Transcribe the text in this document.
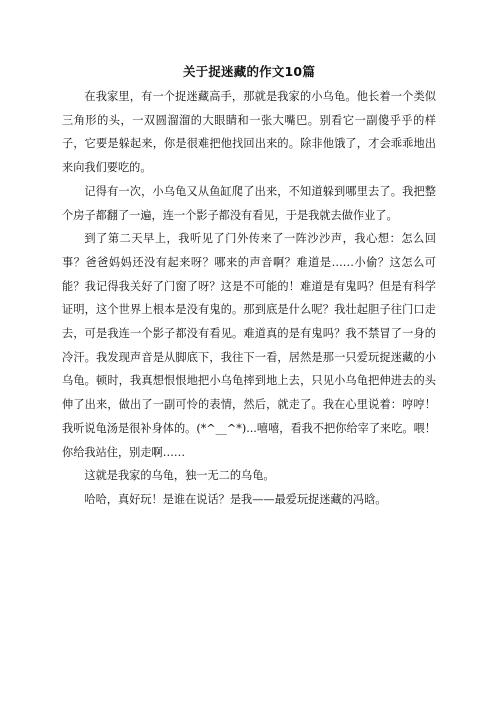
关于捉迷藏的作文10篇

在我家里，有一个捉迷藏高手，那就是我家的小乌龟。他长着一个类似三角形的头，一双圆溜溜的大眼睛和一张大嘴巴。别看它一副傻乎乎的样子，它要是躲起来，你是很难把他找回出来的。除非他饿了，才会乖乖地出来向我们要吃的。

记得有一次，小乌龟又从鱼缸爬了出来，不知道躲到哪里去了。我把整个房子都翻了一遍，连一个影子都没有看见，于是我就去做作业了。

到了第二天早上，我听见了门外传来了一阵沙沙声，我心想：怎么回事？爸爸妈妈还没有起来呀？哪来的声音啊？难道是……小偷？这怎么可能？我记得我关好了门窗了呀？这是不可能的！难道是有鬼吗？但是有科学证明，这个世界上根本是没有鬼的。那到底是什么呢？我壮起胆子往门口走去，可是我连一个影子都没有看见。难道真的是有鬼吗？我不禁冒了一身的冷汗。我发现声音是从脚底下，我往下一看，居然是那一只爱玩捉迷藏的小乌龟。顿时，我真想恨恨地把小乌龟摔到地上去，只见小乌龟把伸进去的头伸了出来，做出了一副可怜的表情，然后，就走了。我在心里说着：哼哼！我听说龟汤是很补身体的。(*^__^*)...嘻嘻，看我不把你给宰了来吃。喂！你给我站住，别走啊……

这就是我家的乌龟，独一无二的乌龟。

哈哈，真好玩！是谁在说话？是我——最爱玩捉迷藏的冯晗。
